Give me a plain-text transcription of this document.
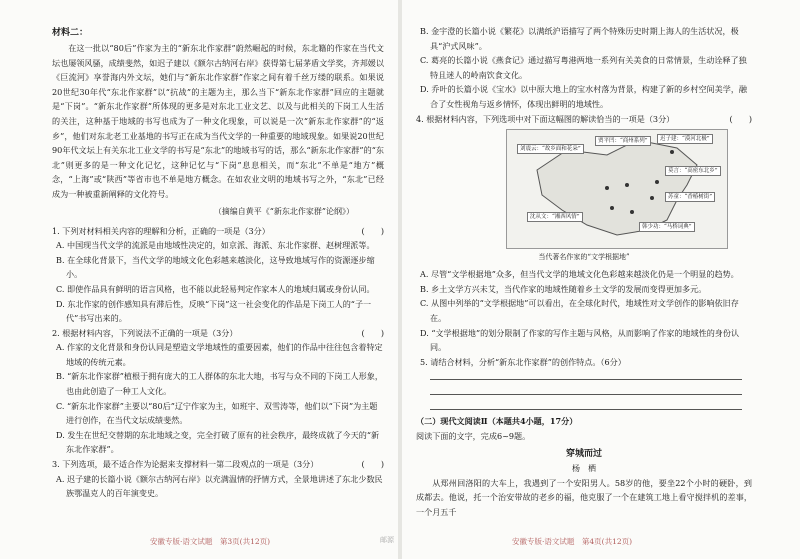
材料二：

在这一批以“80后”作家为主的“新东北作家群”蔚然崛起的时候，东北籍的作家在当代文坛也屡领风骚，成绩斐然，如迟子建以《额尔古纳河右岸》获得第七届茅盾文学奖，齐邦媛以《巨流河》享誉海内外文坛，她们与“新东北作家群”作家之间有着千丝万缕的联系。如果说20世纪30年代“东北作家群”以“抗战”的主题为主，那么当下“新东北作家群”回应的主题就是“下岗”。“新东北作家群”所体现的更多是对东北工业文艺、以及与此相关的下岗工人生活的关注，这种基于地域的书写也成为了一种文化现象，可以说是一次“新东北作家群”的“返乡”，他们对东北老工业基地的书写正在成为当代文学的一种重要的地域现象。如果说20世纪90年代文坛上有关东北工业文学的书写是“东北”的地域书写的话，那么“新东北作家群”的“东北”则更多的是一种文化记忆，这种记忆与“下岗”息息相关，而“东北”不单是“地方”概念，“上海”或“陕西”等省市也不单是地方概念。在如农业文明的地域书写之外，“东北”已经成为一种被重新阐释的文化符号。

（摘编自黄平《“新东北作家群”论纲》）

1. 下列对材料相关内容的理解和分析，正确的一项是（3分）	(　　)

A. 中国现当代文学的流派是由地域性决定的，如京派、海派、东北作家群、赵树理派等。

B. 在全球化背景下，当代文学的地域文化色彩越来越淡化，这导致地域写作的资源逐步缩小。

C. 即使作品具有鲜明的语言风格，也不能以此轻易判定作家本人的地域归属或身份认同。

D. 东北作家的创作感知具有滞后性，反映“下岗”这一社会变化的作品是下岗工人的“子一代”书写出来的。

2. 根据材料内容，下列说法不正确的一项是（3分）	(　　)

A. 作家的文化背景和身份认同是塑造文学地域性的重要因素，他们的作品中往往包含着特定地域的传统元素。

B. “新东北作家群”植根于拥有庞大的工人群体的东北大地，书写与众不同的下岗工人形象，也由此创造了一种工人文化。

C. “新东北作家群”主要以“80后”辽宁作家为主，如班宇、双雪涛等，他们以“下岗”为主题进行创作，在当代文坛成绩斐然。

D. 发生在世纪交替期的东北地域之变，完全打破了原有的社会秩序，最终成就了今天的“新东北作家群”。

3. 下列选项，最不适合作为论据来支撑材料一第二段观点的一项是（3分）	(　　)

A. 迟子建的长篇小说《额尔古纳河右岸》以充满温情的抒情方式，全景地讲述了东北少数民族鄂温克人的百年演变史。

安徽专版·语文试题　第3页(共12页)

B. 金宇澄的长篇小说《繁花》以满纸沪语描写了两个特殊历史时期上海人的生活状况，极具“沪式风味”。

C. 葛亮的长篇小说《燕食记》通过描写粤港两地一系列有关美食的日常情景，生动诠释了独特且迷人的岭南饮食文化。

D. 乔叶的长篇小说《宝水》以中原大地上的宝水村落为背景，构建了新的乡村空间美学，融合了女性视角与返乡情怀，体现出鲜明的地域性。

4. 根据材料内容，下列选项中对下面这幅图的解读恰当的一项是（3分）	(　　)

刘震云：“故乡面和花朵”
贾平凹：“商州系列”	迟子建：“漠河北极”
莫言：“高密东北乡”
苏童：“香椿树街”
沈从文：“湘西风情”
韩少功：“马桥词典”

当代著名作家的“文学根据地”

A. 尽管“文学根据地”众多，但当代文学的地域文化色彩越来越淡化仍是一个明显的趋势。

B. 乡土文学方兴未艾，当代作家的地域性随着乡土文学的发展而变得更加多元。

C. 从图中列举的“文学根据地”可以看出，在全球化时代，地域性对文学创作的影响依旧存在。

D. “文学根据地”的划分限制了作家的写作主题与风格，从而影响了作家的地域性的身份认同。

5. 请结合材料，分析“新东北作家群”的创作特点。（6分）

（二）现代文阅读Ⅱ（本题共4小题，17分）

阅读下面的文字，完成6~9题。

穿城而过

杨　栖

从郑州回洛阳的大车上，我遇到了一个安阳男人。58岁的他，要坐22个小时的硬卧，到成都去。他说，托一个治安带故的老乡的福，他克服了一个在建筑工地上看守搅拌机的差事，一个月五千

安徽专版·语文试题　第4页(共12页)
邮源
